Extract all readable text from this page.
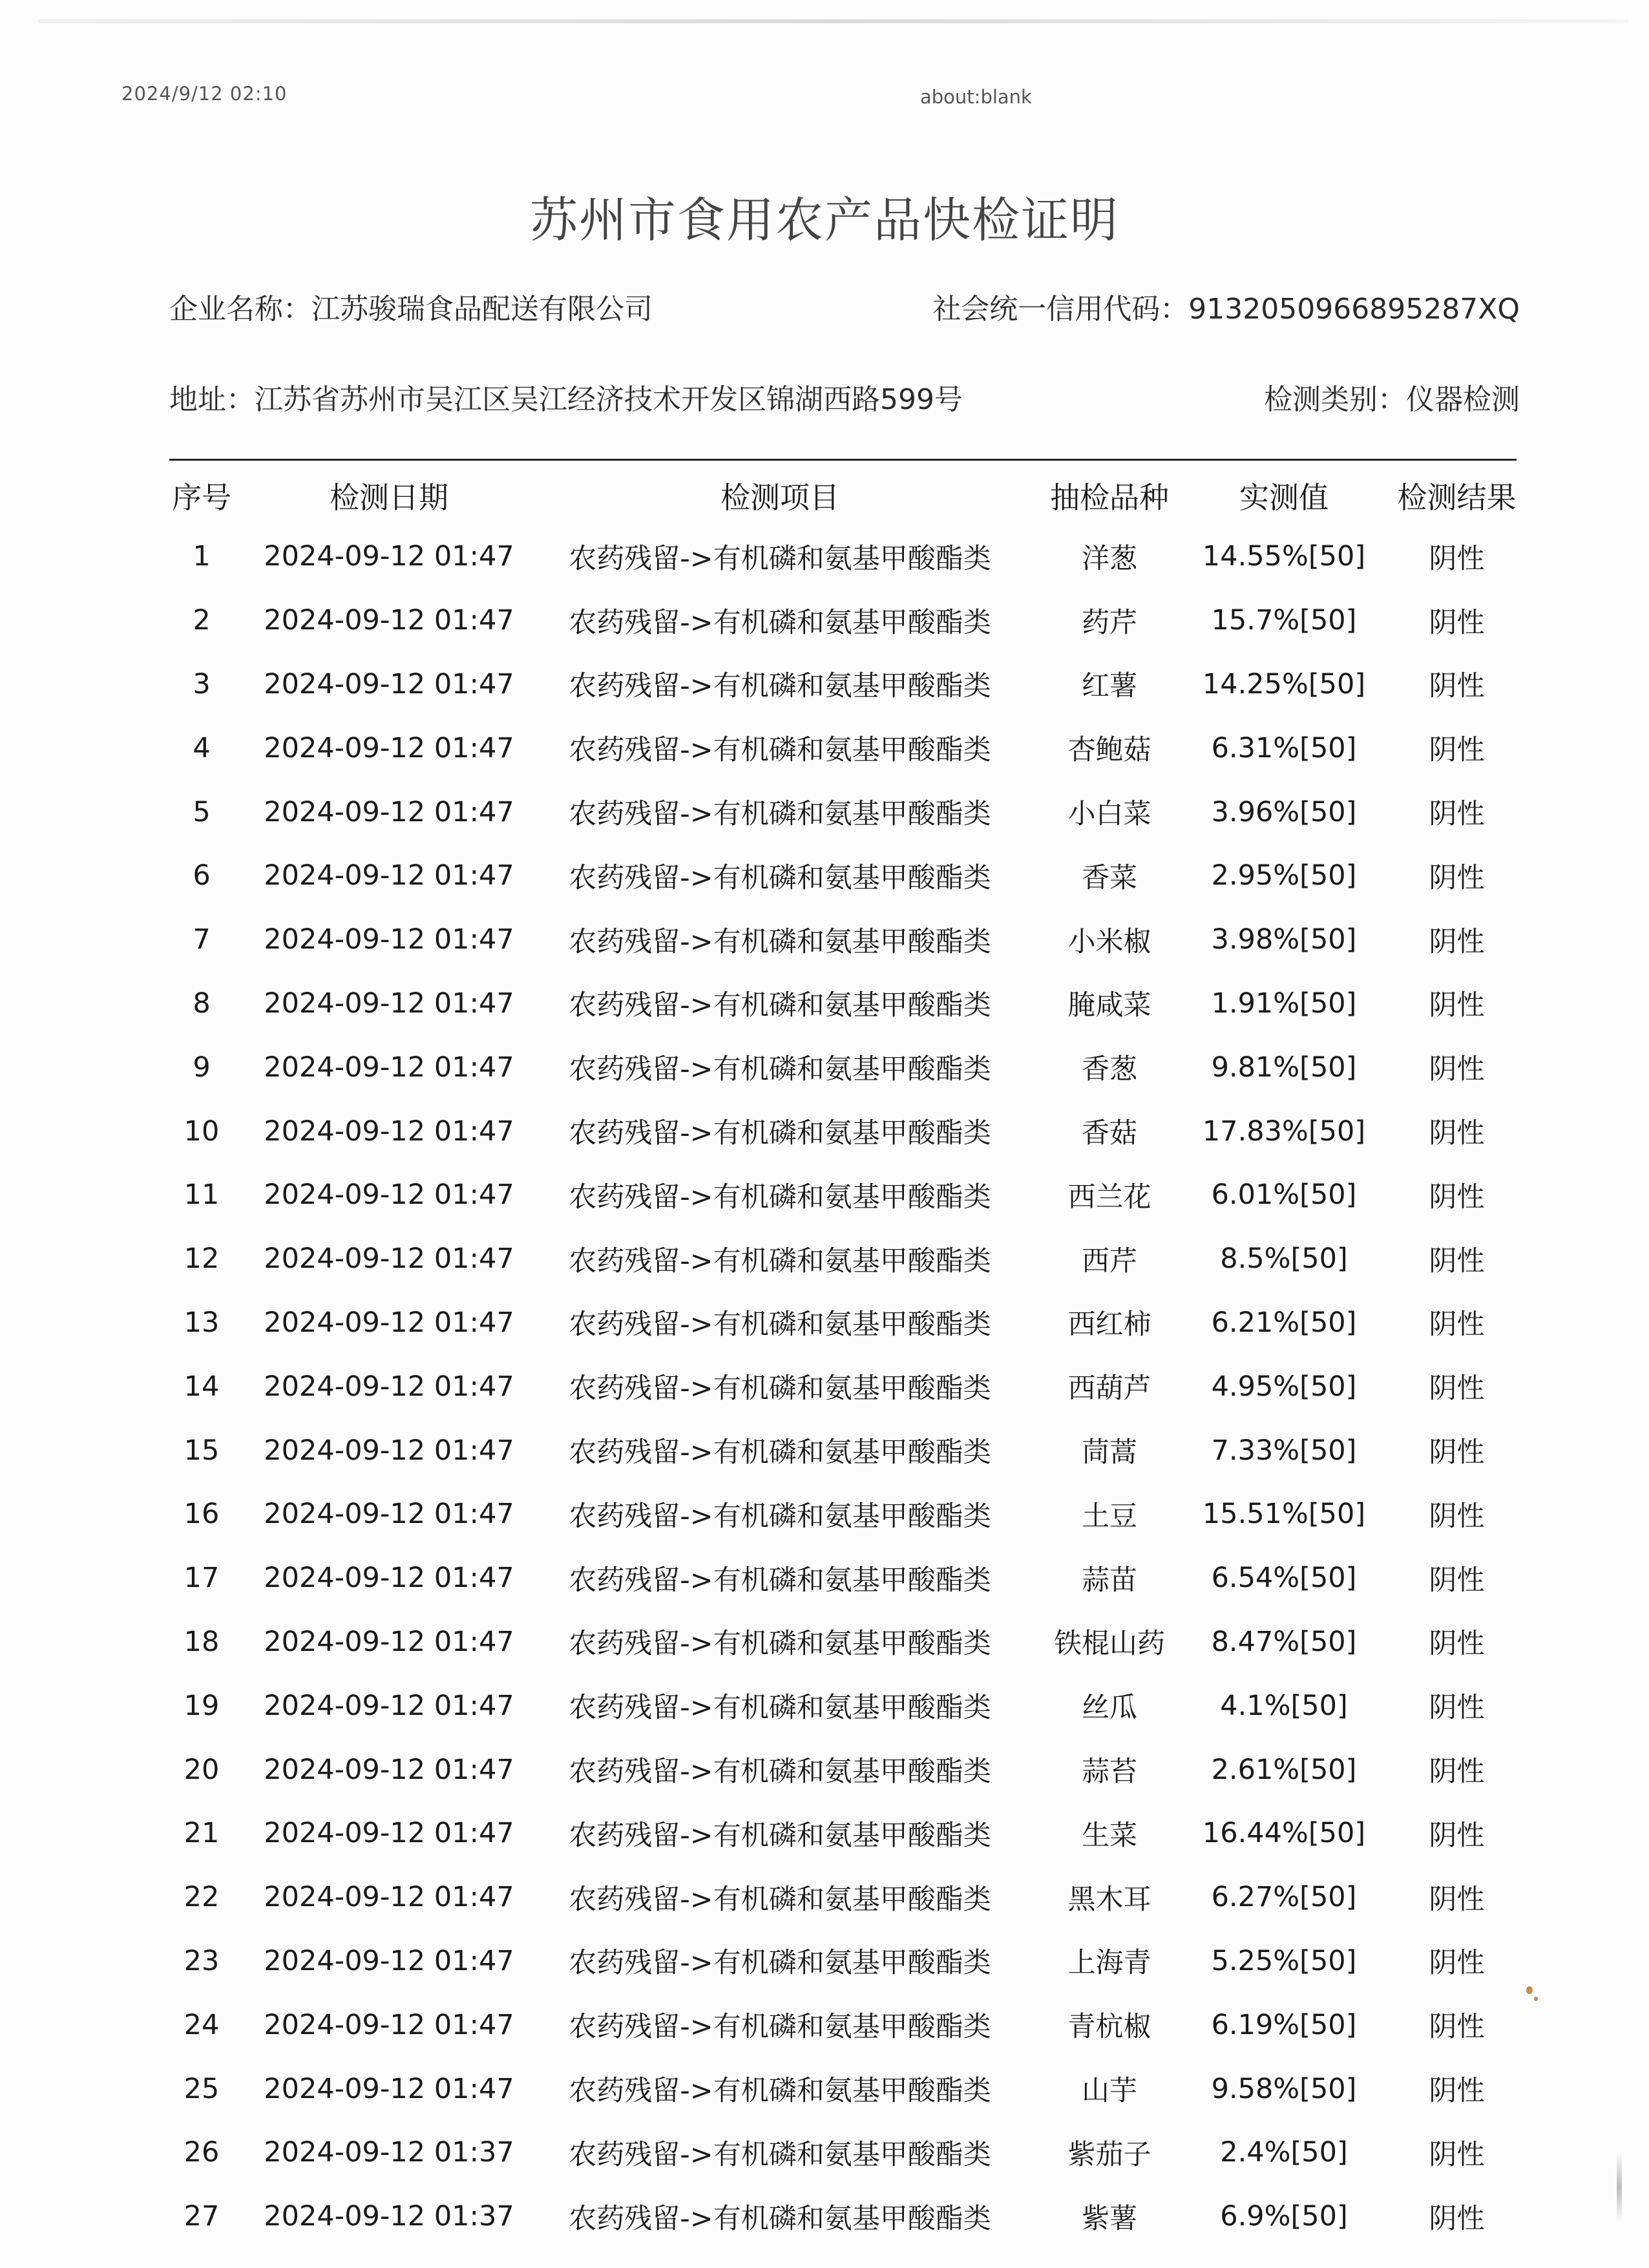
2024/9/12 02:10	about:blank
苏州市食用农产品快检证明
企业名称：江苏骏瑞食品配送有限公司	社会统一信用代码：913205096689528​7XQ
地址：江苏省苏州市吴江区吴江经济技术开发区锦湖西路599号	检测类别：仪器检测
序号	检测日期	检测项目	抽检品种	实测值	检测结果
1	2024-09-12 01:47	农药残留->有机磷和氨基甲酸酯类	洋葱	14.55%[50]	阴性
2	2024-09-12 01:47	农药残留->有机磷和氨基甲酸酯类	药芹	15.7%[50]	阴性
3	2024-09-12 01:47	农药残留->有机磷和氨基甲酸酯类	红薯	14.25%[50]	阴性
4	2024-09-12 01:47	农药残留->有机磷和氨基甲酸酯类	杏鲍菇	6.31%[50]	阴性
5	2024-09-12 01:47	农药残留->有机磷和氨基甲酸酯类	小白菜	3.96%[50]	阴性
6	2024-09-12 01:47	农药残留->有机磷和氨基甲酸酯类	香菜	2.95%[50]	阴性
7	2024-09-12 01:47	农药残留->有机磷和氨基甲酸酯类	小米椒	3.98%[50]	阴性
8	2024-09-12 01:47	农药残留->有机磷和氨基甲酸酯类	腌咸菜	1.91%[50]	阴性
9	2024-09-12 01:47	农药残留->有机磷和氨基甲酸酯类	香葱	9.81%[50]	阴性
10	2024-09-12 01:47	农药残留->有机磷和氨基甲酸酯类	香菇	17.83%[50]	阴性
11	2024-09-12 01:47	农药残留->有机磷和氨基甲酸酯类	西兰花	6.01%[50]	阴性
12	2024-09-12 01:47	农药残留->有机磷和氨基甲酸酯类	西芹	8.5%[50]	阴性
13	2024-09-12 01:47	农药残留->有机磷和氨基甲酸酯类	西红柿	6.21%[50]	阴性
14	2024-09-12 01:47	农药残留->有机磷和氨基甲酸酯类	西葫芦	4.95%[50]	阴性
15	2024-09-12 01:47	农药残留->有机磷和氨基甲酸酯类	茼蒿	7.33%[50]	阴性
16	2024-09-12 01:47	农药残留->有机磷和氨基甲酸酯类	土豆	15.51%[50]	阴性
17	2024-09-12 01:47	农药残留->有机磷和氨基甲酸酯类	蒜苗	6.54%[50]	阴性
18	2024-09-12 01:47	农药残留->有机磷和氨基甲酸酯类	铁棍山药	8.47%[50]	阴性
19	2024-09-12 01:47	农药残留->有机磷和氨基甲酸酯类	丝瓜	4.1%[50]	阴性
20	2024-09-12 01:47	农药残留->有机磷和氨基甲酸酯类	蒜苔	2.61%[50]	阴性
21	2024-09-12 01:47	农药残留->有机磷和氨基甲酸酯类	生菜	16.44%[50]	阴性
22	2024-09-12 01:47	农药残留->有机磷和氨基甲酸酯类	黑木耳	6.27%[50]	阴性
23	2024-09-12 01:47	农药残留->有机磷和氨基甲酸酯类	上海青	5.25%[50]	阴性
24	2024-09-12 01:47	农药残留->有机磷和氨基甲酸酯类	青杭椒	6.19%[50]	阴性
25	2024-09-12 01:47	农药残留->有机磷和氨基甲酸酯类	山芋	9.58%[50]	阴性
26	2024-09-12 01:37	农药残留->有机磷和氨基甲酸酯类	紫茄子	2.4%[50]	阴性
27	2024-09-12 01:37	农药残留->有机磷和氨基甲酸酯类	紫薯	6.9%[50]	阴性
